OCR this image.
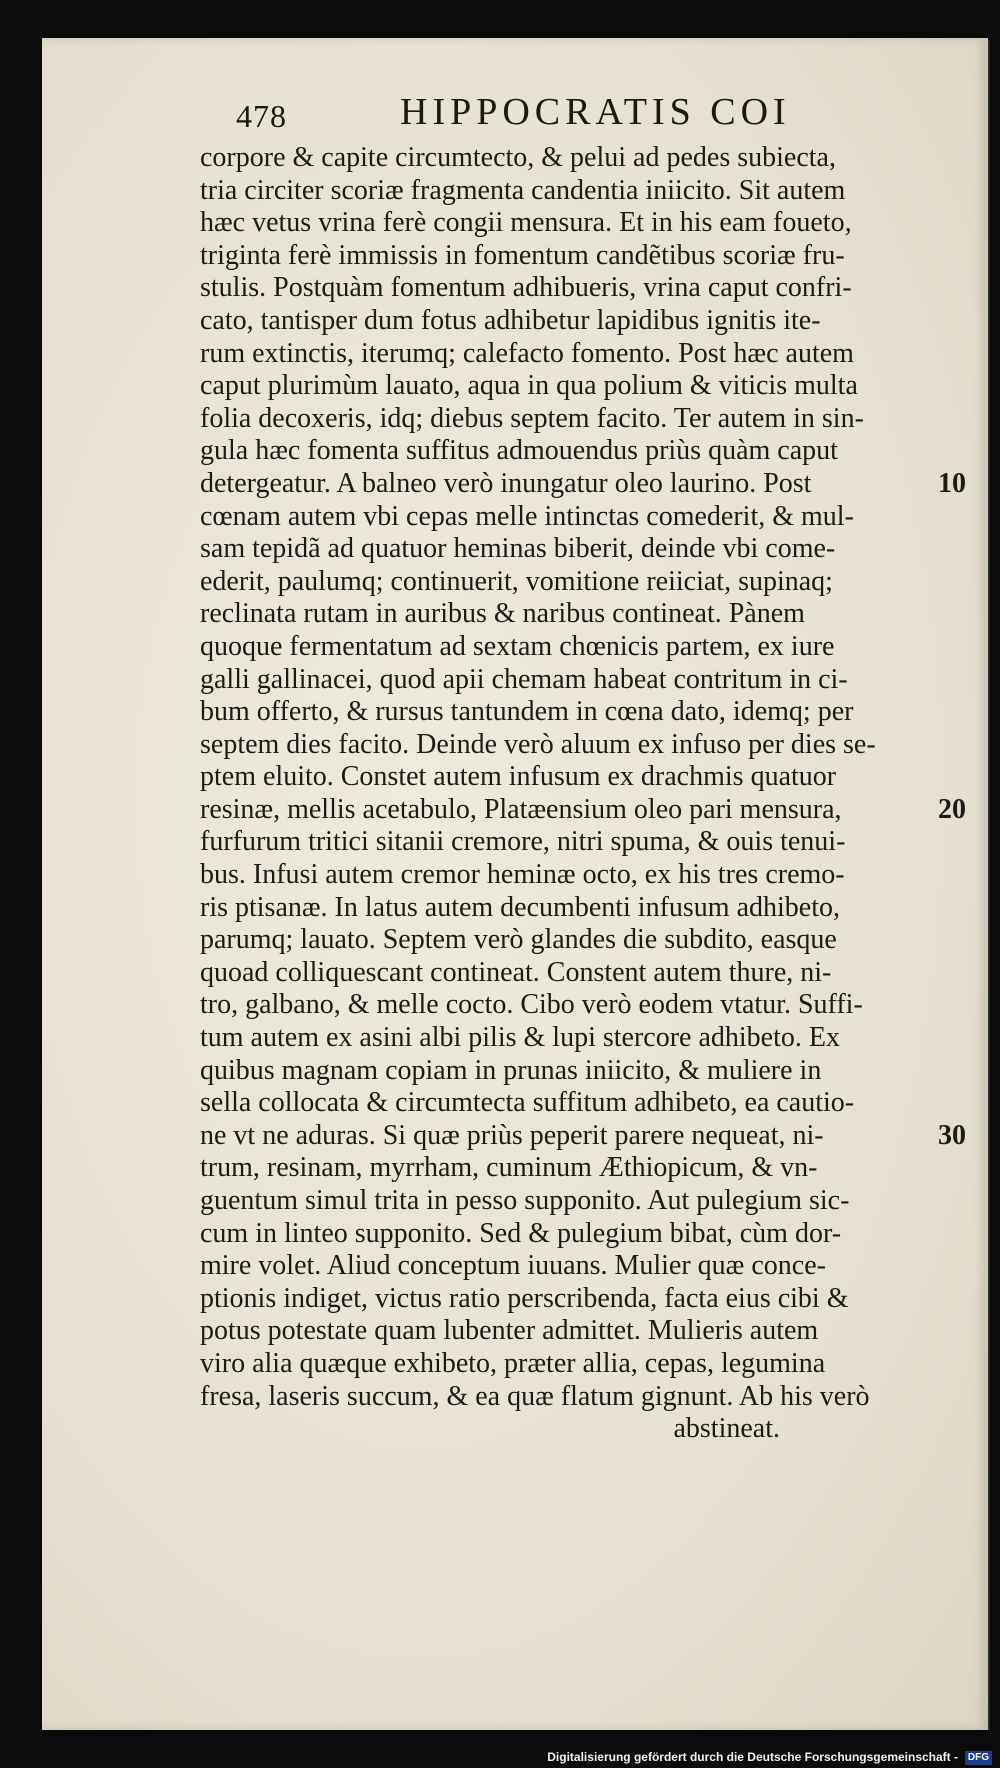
478	HIPPOCRATIS COI
corpore & capite circumtecto, & pelui ad pedes subiecta,
tria circiter scoriæ fragmenta candentia iniicito. Sit autem
hæc vetus vrina ferè congii mensura. Et in his eam foueto,
triginta ferè immissis in fomentum candẽtibus scoriæ fru-
stulis. Postquàm fomentum adhibueris, vrina caput confri-
cato, tantisper dum fotus adhibetur lapidibus ignitis ite-
rum extinctis, iterumq; calefacto fomento. Post hæc autem
caput plurimùm lauato, aqua in qua polium & viticis multa
folia decoxeris, idq; diebus septem facito. Ter autem in sin-
gula hæc fomenta suffitus admouendus priùs quàm caput
detergeatur. A balneo verò inungatur oleo laurino. Post
cœnam autem vbi cepas melle intinctas comederit, & mul-
sam tepidã ad quatuor heminas biberit, deinde vbi come-
ederit, paulumq; continuerit, vomitione reiiciat, supinaq;
reclinata rutam in auribus & naribus contineat. Pànem
quoque fermentatum ad sextam chœnicis partem, ex iure
galli gallinacei, quod apii chemam habeat contritum in ci-
bum offerto, & rursus tantundem in cœna dato, idemq; per
septem dies facito. Deinde verò aluum ex infuso per dies se-
ptem eluito. Constet autem infusum ex drachmis quatuor
resinæ, mellis acetabulo, Platæensium oleo pari mensura,
furfurum tritici sitanii cremore, nitri spuma, & ouis tenui-
bus. Infusi autem cremor heminæ octo, ex his tres cremo-
ris ptisanæ. In latus autem decumbenti infusum adhibeto,
parumq; lauato. Septem verò glandes die subdito, easque
quoad colliquescant contineat. Constent autem thure, ni-
tro, galbano, & melle cocto. Cibo verò eodem vtatur. Suffi-
tum autem ex asini albi pilis & lupi stercore adhibeto. Ex
quibus magnam copiam in prunas iniicito, & muliere in
sella collocata & circumtecta suffitum adhibeto, ea cautio-
ne vt ne aduras. Si quæ priùs peperit parere nequeat, ni-
trum, resinam, myrrham, cuminum Æthiopicum, & vn-
guentum simul trita in pesso supponito. Aut pulegium sic-
cum in linteo supponito. Sed & pulegium bibat, cùm dor-
mire volet. Aliud conceptum iuuans. Mulier quæ conce-
ptionis indiget, victus ratio perscribenda, facta eius cibi &
potus potestate quam lubenter admittet. Mulieris autem
viro alia quæque exhibeto, præter allia, cepas, legumina
fresa, laseris succum, & ea quæ flatum gignunt. Ab his verò
abstineat.
10
20
30
Digitalisierung gefördert durch die Deutsche Forschungsgemeinschaft - DFG
